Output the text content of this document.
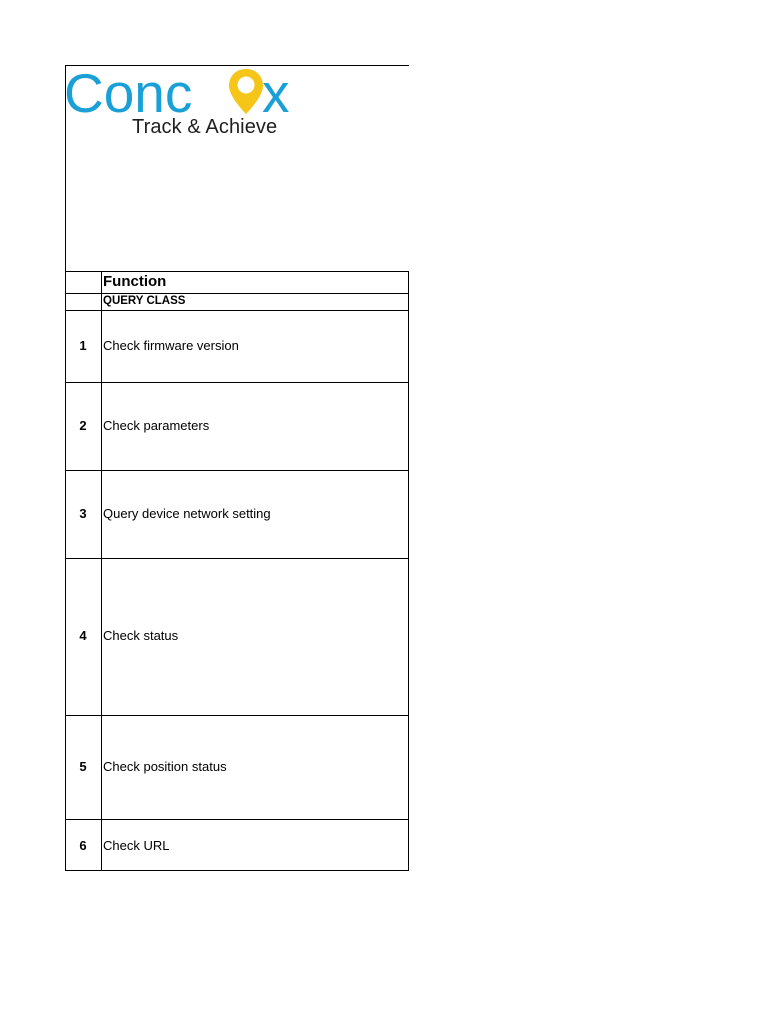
Conc x
Track & Achieve
Function
QUERY CLASS
1	Check firmware version
2	Check parameters
3	Query device network setting
4	Check status
5	Check position status
6	Check URL
